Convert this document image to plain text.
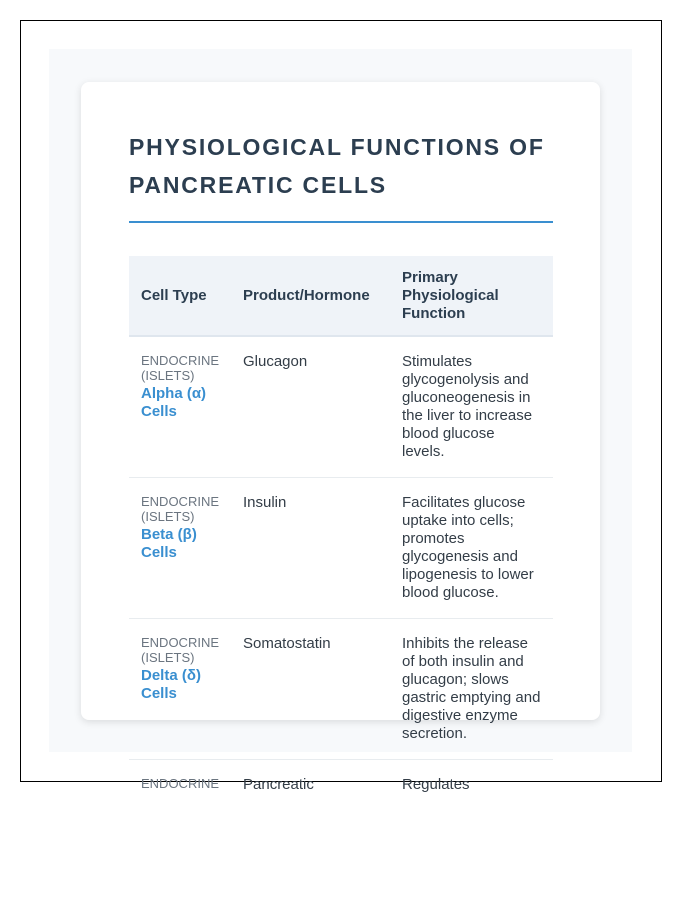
PHYSIOLOGICAL FUNCTIONS OF PANCREATIC CELLS
Cell Type	Product/Hormone	Primary Physiological Function

ENDOCRINE (ISLETS)
Alpha (α) Cells	Glucagon	Stimulates glycogenolysis and gluconeogenesis in the liver to increase blood glucose levels.

ENDOCRINE (ISLETS)
Beta (β) Cells	Insulin	Facilitates glucose uptake into cells; promotes glycogenesis and lipogenesis to lower blood glucose.

ENDOCRINE (ISLETS)
Delta (δ) Cells	Somatostatin	Inhibits the release of both insulin and glucagon; slows gastric emptying and digestive enzyme secretion.

ENDOCRINE	Pancreatic	Regulates
